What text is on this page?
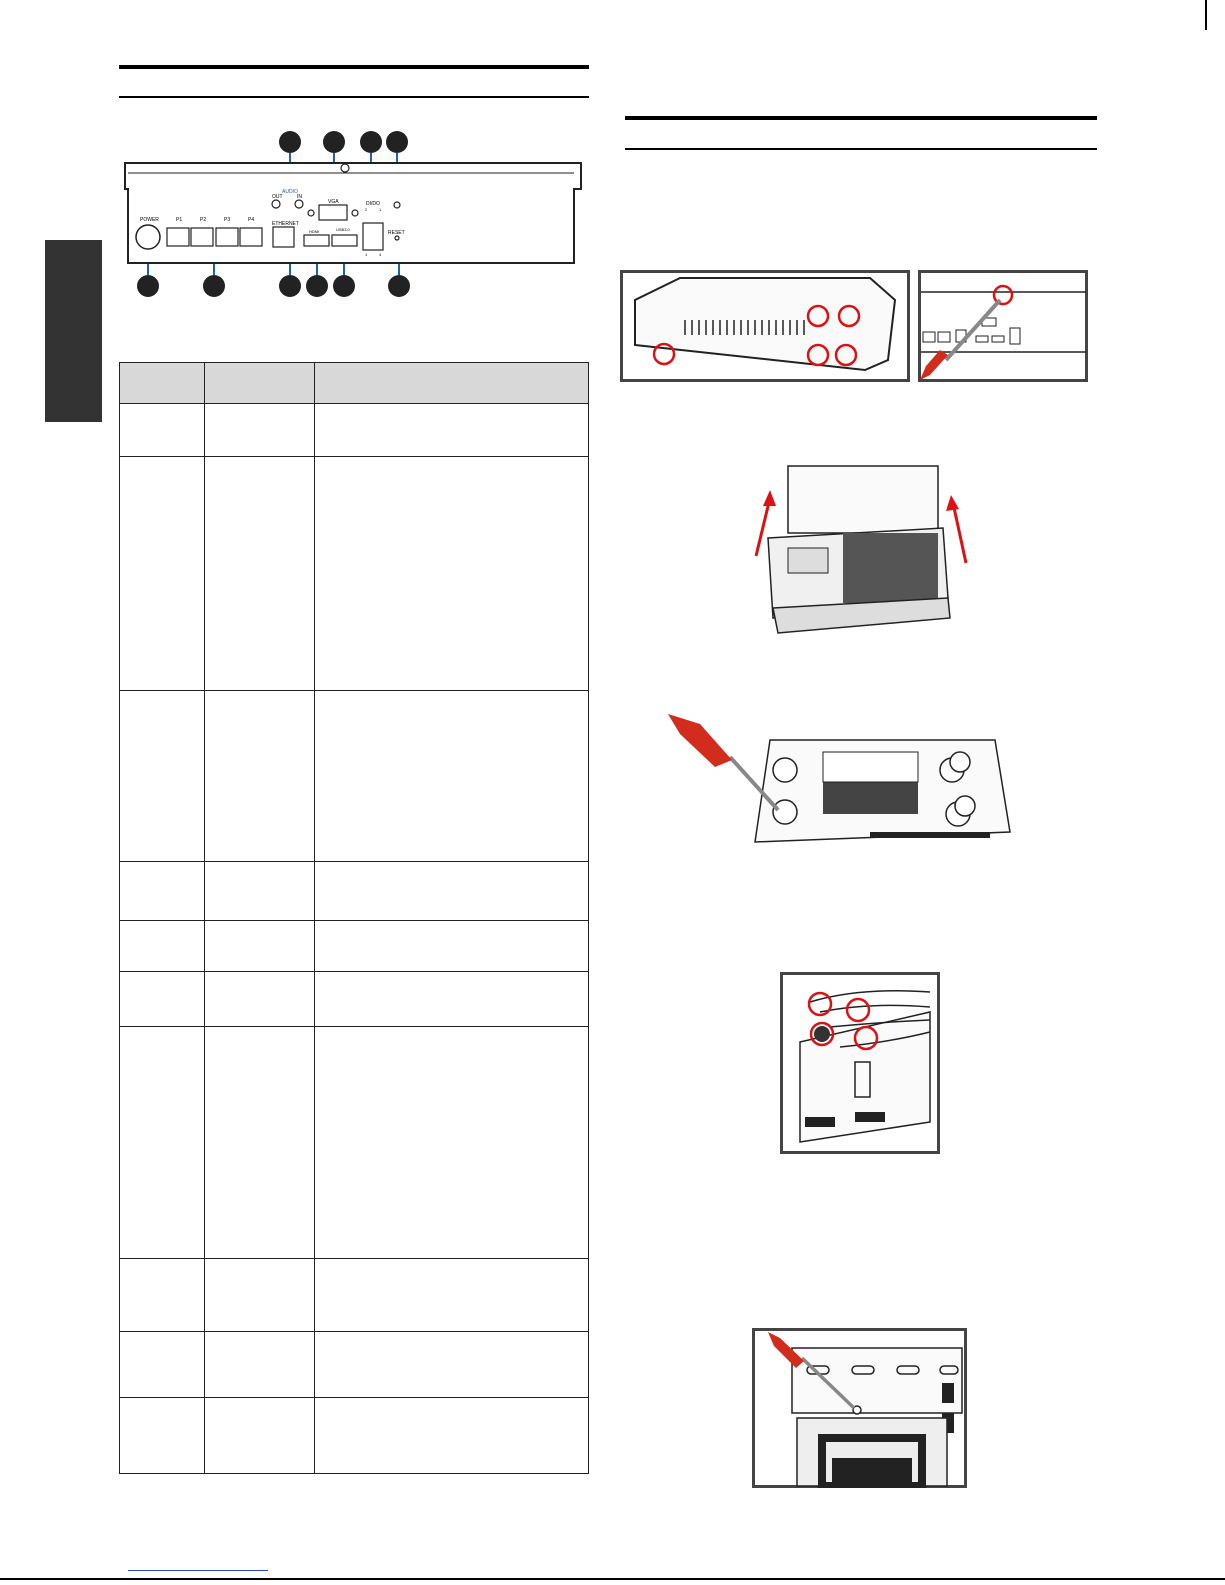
POWER	P1	P2	P3	P4
AUDIO
OUT	IN
VGA	DI/DO
2	1
1	4
ETHERNET
HDMI	USB3.0
RESET
